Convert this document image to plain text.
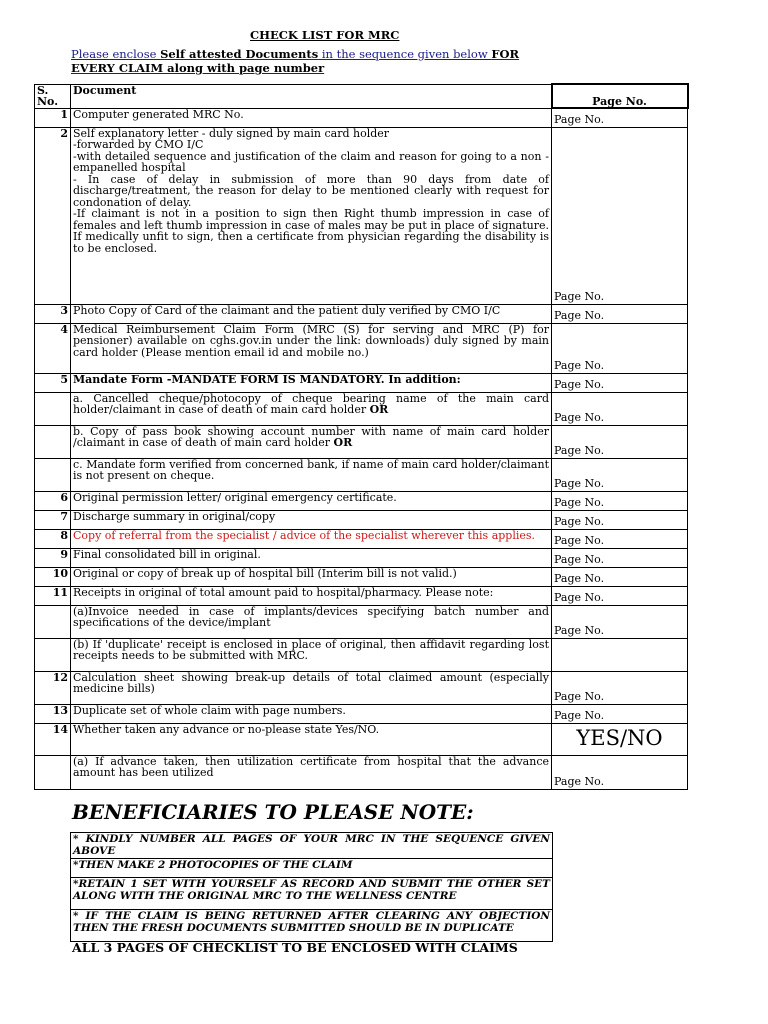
CHECK LIST FOR MRC
Please enclose Self attested Documents in the sequence given below FOR EVERY CLAIM along with page number
S. No.	Document	Page No.
1	Computer generated MRC No.	Page No.
2	Self explanatory letter - duly signed by main card holder
-forwarded by CMO I/C
-with detailed sequence and justification of the claim and reason for going to a non -empanelled hospital
- In case of delay in submission of more than 90 days from date of discharge/treatment, the reason for delay to be mentioned clearly with request for condonation of delay.
-If claimant is not in a position to sign then Right thumb impression in case of females and left thumb impression in case of males may be put in place of signature. If medically unfit to sign, then a certificate from physician regarding the disability is to be enclosed.	Page No.
3	Photo Copy of Card of the claimant and the patient duly verified by CMO I/C	Page No.
4	Medical Reimbursement Claim Form (MRC (S) for serving and MRC (P) for pensioner) available on cghs.gov.in under the link: downloads) duly signed by main card holder (Please mention email id and mobile no.)	Page No.
5	Mandate Form -MANDATE FORM IS MANDATORY. In addition:	Page No.
	a. Cancelled cheque/photocopy of cheque bearing name of the main card holder/claimant in case of death of main card holder OR	Page No.
	b. Copy of pass book showing account number with name of main card holder /claimant in case of death of main card holder OR	Page No.
	c. Mandate form verified from concerned bank, if name of main card holder/claimant is not present on cheque.	Page No.
6	Original permission letter/ original emergency certificate.	Page No.
7	Discharge summary in original/copy	Page No.
8	Copy of referral from the specialist / advice of the specialist wherever this applies.	Page No.
9	Final consolidated bill in original.	Page No.
10	Original or copy of break up of hospital bill (Interim bill is not valid.)	Page No.
11	Receipts in original of total amount paid to hospital/pharmacy. Please note:	Page No.
	(a)Invoice needed in case of implants/devices specifying batch number and specifications of the device/implant	Page No.
	(b) If 'duplicate' receipt is enclosed in place of original, then affidavit regarding lost receipts needs to be submitted with MRC.	
12	Calculation sheet showing break-up details of total claimed amount (especially medicine bills)	Page No.
13	Duplicate set of whole claim with page numbers.	Page No.
14	Whether taken any advance or no-please state Yes/NO.	YES/NO
	(a) If advance taken, then utilization certificate from hospital that the advance amount has been utilized	Page No.
BENEFICIARIES TO PLEASE NOTE:
* KINDLY NUMBER ALL PAGES OF YOUR MRC IN THE SEQUENCE GIVEN ABOVE
*THEN MAKE 2 PHOTOCOPIES OF THE CLAIM
*RETAIN 1 SET WITH YOURSELF AS RECORD AND SUBMIT THE OTHER SET ALONG WITH THE ORIGINAL MRC TO THE WELLNESS CENTRE
* IF THE CLAIM IS BEING RETURNED AFTER CLEARING ANY OBJECTION THEN THE FRESH DOCUMENTS SUBMITTED SHOULD BE IN DUPLICATE
ALL 3 PAGES OF CHECKLIST TO BE ENCLOSED WITH CLAIMS
